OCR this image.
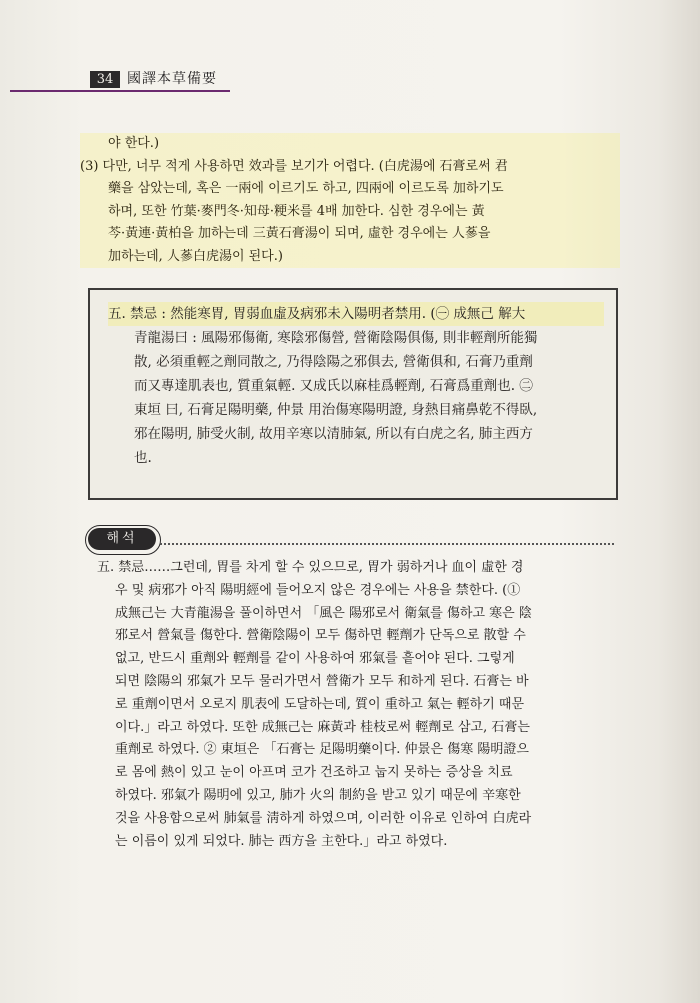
34 國譯本草備要

야 한다.)

(3) 다만, 너무 적게 사용하면 效과를 보기가 어렵다. (白虎湯에 石膏로써 君

藥을 삼았는데, 혹은 一兩에 이르기도 하고, 四兩에 이르도록 加하기도

하며, 또한 竹葉·麥門冬·知母·粳米를 4배 加한다. 심한 경우에는 黃

芩·黃連·黃柏을 加하는데 三黃石膏湯이 되며, 虛한 경우에는 人蔘을

加하는데, 人蔘白虎湯이 된다.)

五. 禁忌 : 然能寒胃, 胃弱血虛及病邪未入陽明者禁用. (㊀ 成無己 解大

青龍湯曰 : 風陽邪傷衛, 寒陰邪傷營, 營衛陰陽俱傷, 則非輕劑所能獨

散, 必須重輕之劑同散之, 乃得陰陽之邪俱去, 營衛俱和, 石膏乃重劑

而又專達肌表也, 質重氣輕. 又成氏以麻桂爲輕劑, 石膏爲重劑也. ㊁

東垣 曰, 石膏足陽明藥, 仲景 用治傷寒陽明證, 身熱目痛鼻乾不得臥,

邪在陽明, 肺受火制, 故用辛寒以清肺氣, 所以有白虎之名, 肺主西方

也.

해석

五. 禁忌……그런데, 胃를 차게 할 수 있으므로, 胃가 弱하거나 血이 虛한 경

우 및 病邪가 아직 陽明經에 들어오지 않은 경우에는 사용을 禁한다. (①

成無己는 大青龍湯을 풀이하면서 「風은 陽邪로서 衛氣를 傷하고 寒은 陰

邪로서 營氣를 傷한다. 營衛陰陽이 모두 傷하면 輕劑가 단독으로 散할 수

없고, 반드시 重劑와 輕劑를 같이 사용하여 邪氣를 흩어야 된다. 그렇게

되면 陰陽의 邪氣가 모두 물러가면서 營衛가 모두 和하게 된다. 石膏는 바

로 重劑이면서 오로지 肌表에 도달하는데, 質이 重하고 氣는 輕하기 때문

이다.」라고 하였다. 또한 成無己는 麻黃과 桂枝로써 輕劑로 삼고, 石膏는

重劑로 하였다. ② 東垣은 「石膏는 足陽明藥이다. 仲景은 傷寒 陽明證으

로 몸에 熱이 있고 눈이 아프며 코가 건조하고 눕지 못하는 증상을 치료

하였다. 邪氣가 陽明에 있고, 肺가 火의 制約을 받고 있기 때문에 辛寒한

것을 사용함으로써 肺氣를 淸하게 하였으며, 이러한 이유로 인하여 白虎라

는 이름이 있게 되었다. 肺는 西方을 主한다.」라고 하였다.
